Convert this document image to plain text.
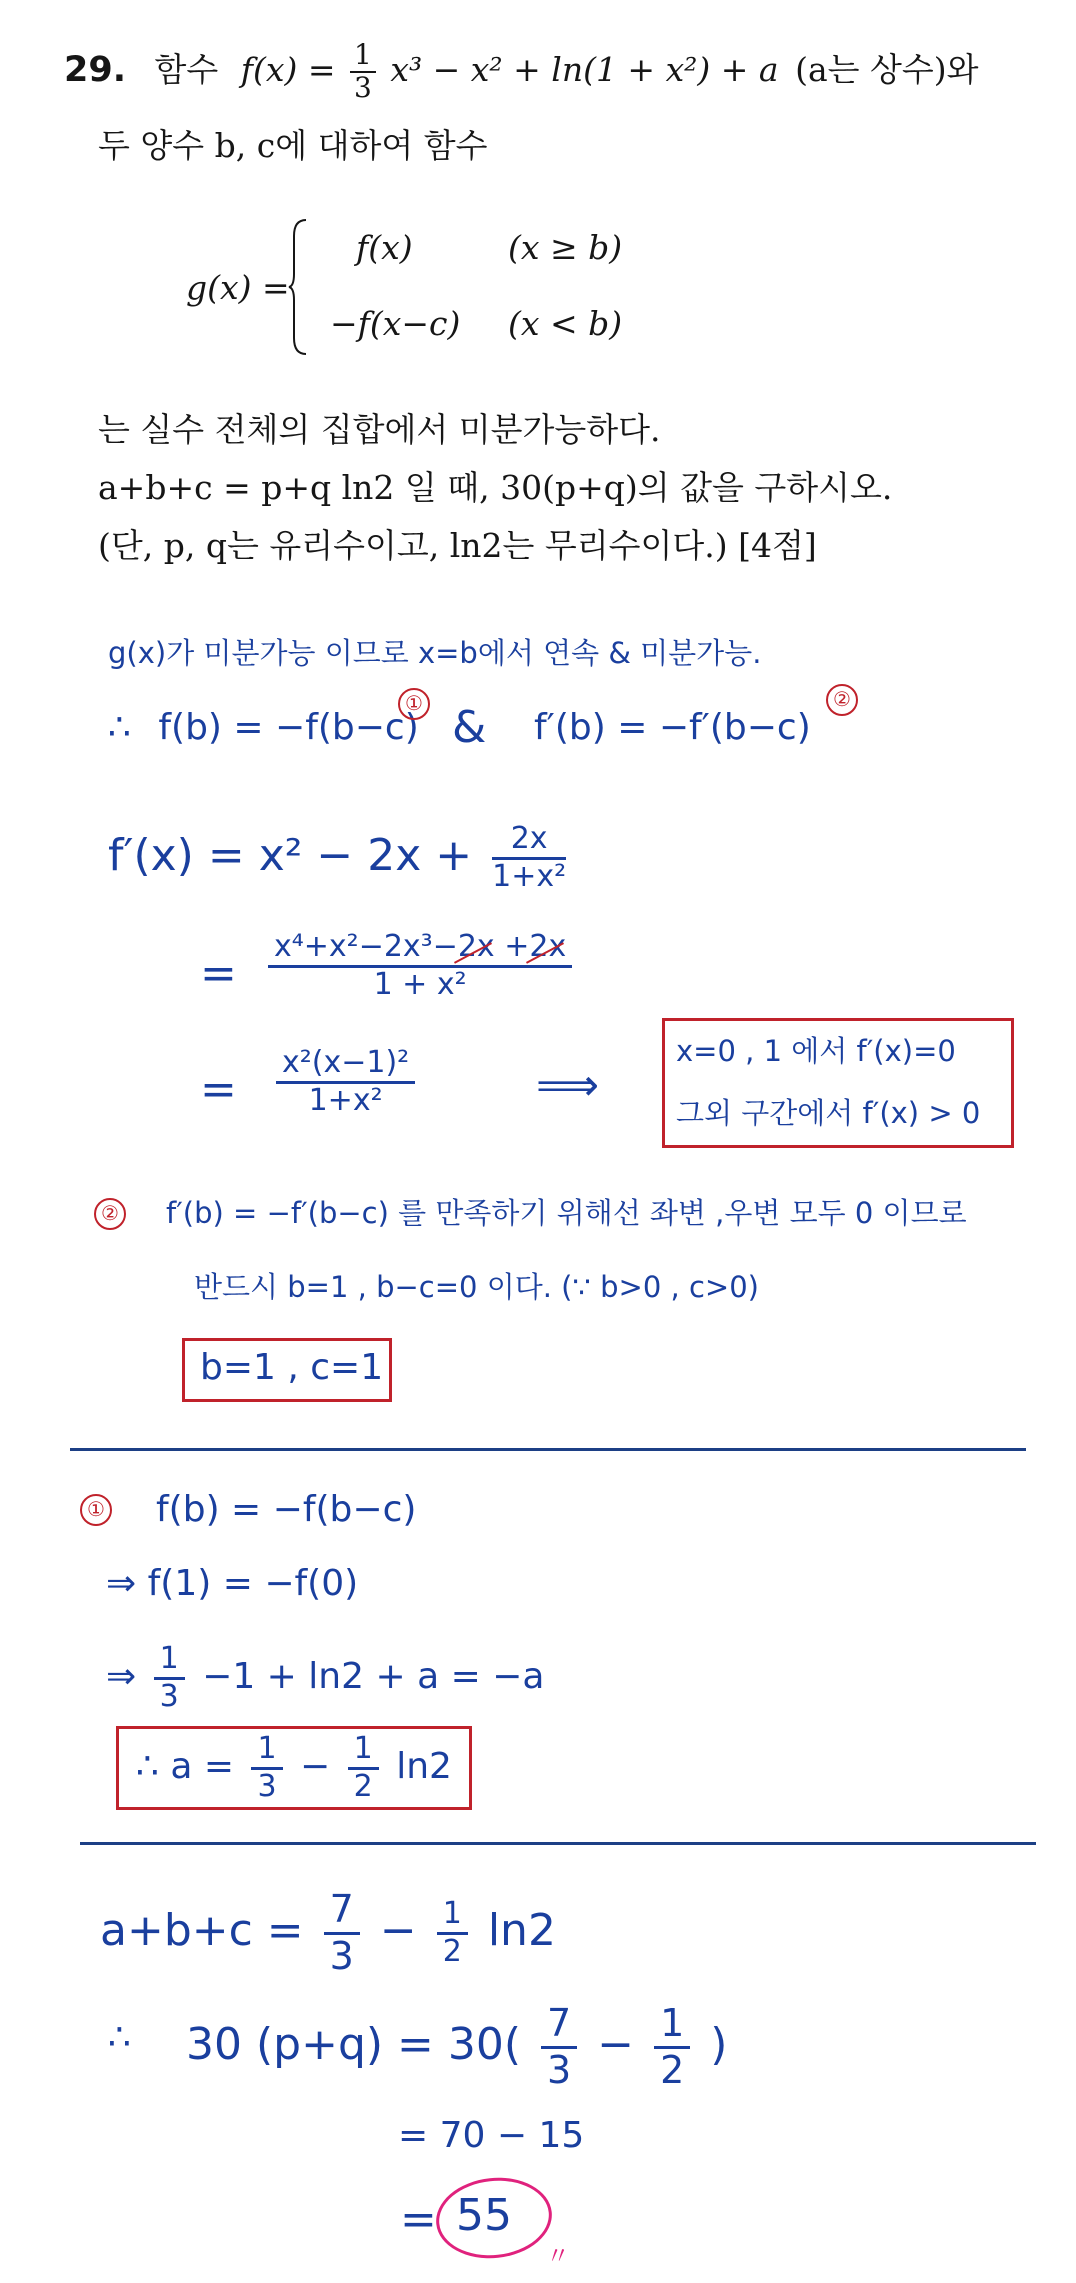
29. 함수 $f(x) = \frac{1}{3} x^3 - x^2 + \ln(1 + x^2) + a$ (a는 상수)와
두 양수 b, c에 대하여 함수
g(x) =
f(x)	(x ≥ b)
−f(x−c) (x < b)
는 실수 전체의 집합에서 미분가능하다.
a+b+c = p+q ln2 일 때, 30(p+q)의 값을 구하시오.
(단, p, q는 유리수이고, ln2는 무리수이다.) [4점]
g(x)가 미분가능 이므로 x=b에서 연속 & 미분가능.
∴ f(b) = −f(b−c)
① & f′(b) = −f′(b−c)
②
$f'(x) = x^2 - 2x + \frac{2x}{\text{1+x²}}$
= $\frac{\text{x⁴+x²−2x³−2x +2x}}{\text{1 + x²}}$
= $\frac{\text{x²(x−1)²}}{\text{1+x²}}$	⟹
x=0 , 1 에서 f′(x)=0
그외 구간에서 f′(x) > 0
② f′(b) = −f′(b−c) 를 만족하기 위해선 좌변 ,우변 모두 0 이므로
반드시 b=1 , b−c=0 이다. (∵ b>0 , c>0)
b=1 , c=1
① f(b) = −f(b−c)
⇒ f(1) = −f(0)
⇒ $\frac{1}{3} -1 + \ln 2 + a = -a$
∴ $a = \frac{1}{3} - \frac{1}{2} \ln 2$
$a+b+c = \frac{7}{3} - \frac{1}{2} \ln 2$
∴ 30 $(p+q) = 30( \frac{7}{3} - \frac{1}{2}$ )
= 70 − 15
= 55
〃
